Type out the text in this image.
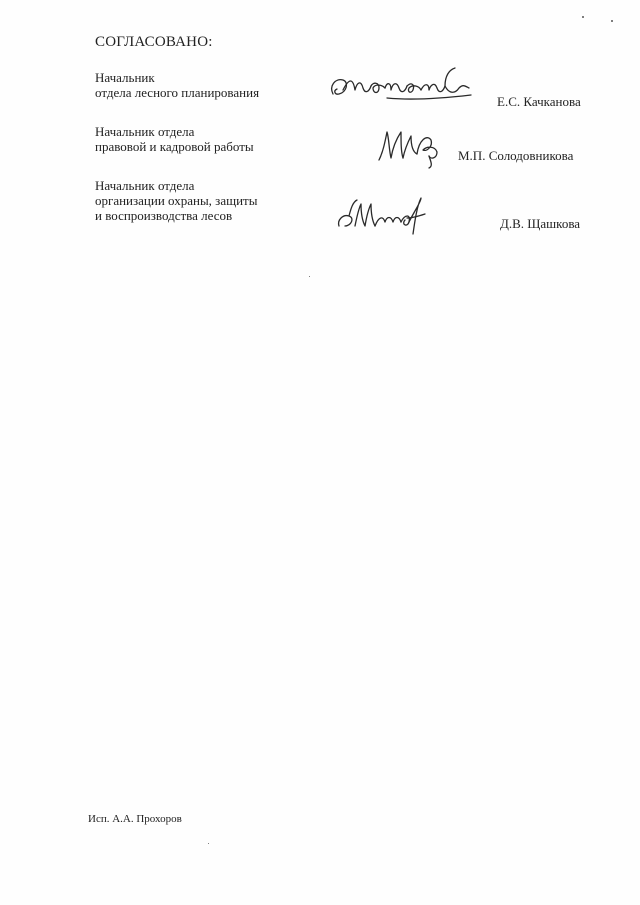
СОГЛАСОВАНО:
Начальник
отдела лесного планирования
Е.С. Качканова
Начальник отдела
правовой и кадровой работы
М.П. Солодовникова
Начальник отдела
организации охраны, защиты
и воспроизводства лесов
Д.В. Щашкова
Исп. А.А. Прохоров
